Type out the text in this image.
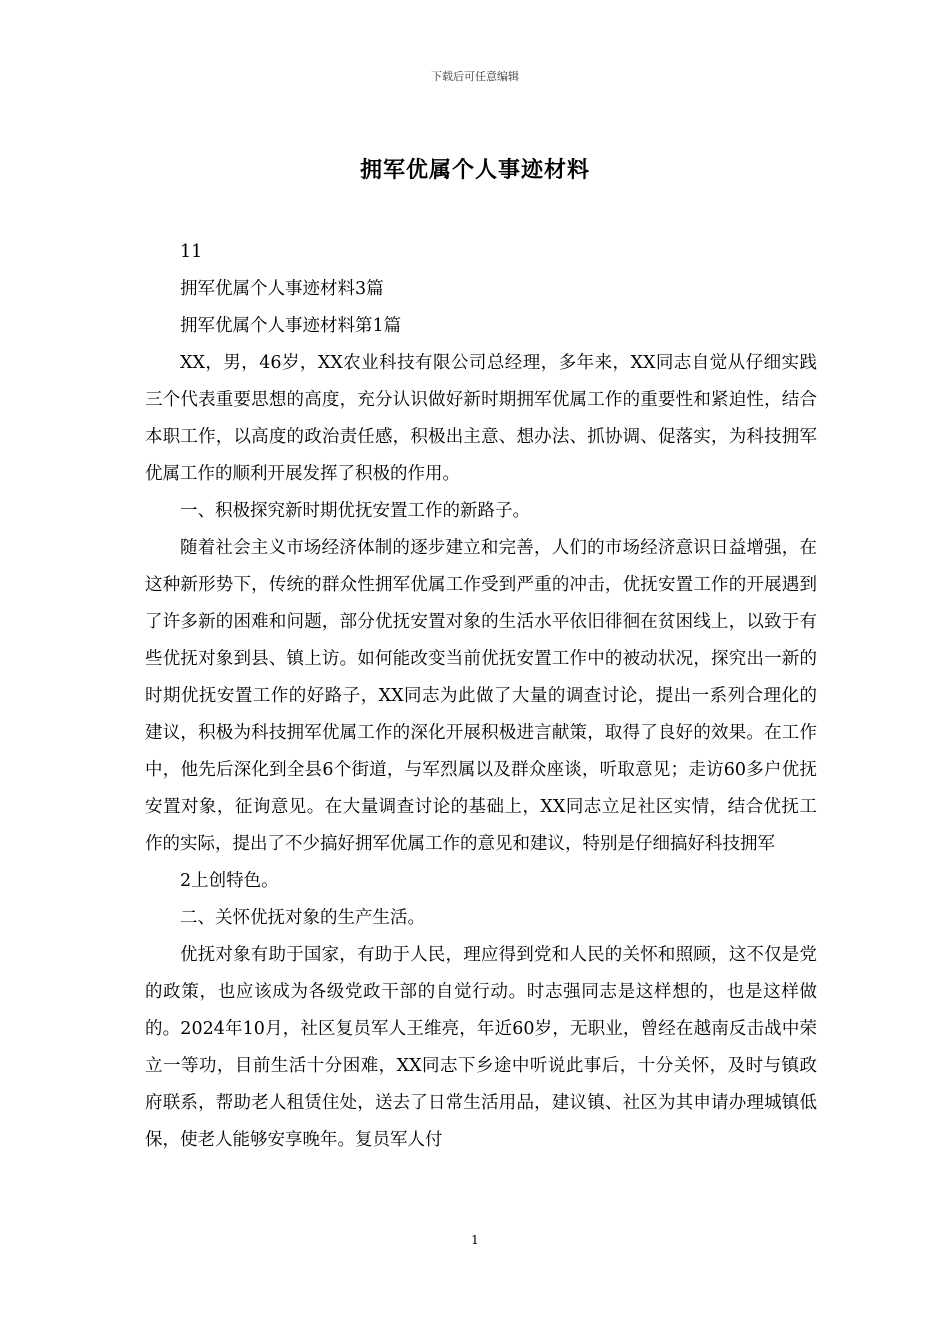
下载后可任意编辑
拥军优属个人事迹材料

11

拥军优属个人事迹材料3篇

拥军优属个人事迹材料第1篇

XX，男，46岁，XX农业科技有限公司总经理，多年来，XX同志自觉从仔细实践三个代表重要思想的高度，充分认识做好新时期拥军优属工作的重要性和紧迫性，结合本职工作，以高度的政治责任感，积极出主意、想办法、抓协调、促落实，为科技拥军优属工作的顺利开展发挥了积极的作用。

一、积极探究新时期优抚安置工作的新路子。

随着社会主义市场经济体制的逐步建立和完善，人们的市场经济意识日益增强，在这种新形势下，传统的群众性拥军优属工作受到严重的冲击，优抚安置工作的开展遇到了许多新的困难和问题，部分优抚安置对象的生活水平依旧徘徊在贫困线上，以致于有些优抚对象到县、镇上访。如何能改变当前优抚安置工作中的被动状况，探究出一新的时期优抚安置工作的好路子，XX同志为此做了大量的调查讨论，提出一系列合理化的建议，积极为科技拥军优属工作的深化开展积极进言献策，取得了良好的效果。在工作中，他先后深化到全县6个街道，与军烈属以及群众座谈，听取意见；走访60多户优抚安置对象，征询意见。在大量调查讨论的基础上，XX同志立足社区实情，结合优抚工作的实际，提出了不少搞好拥军优属工作的意见和建议，特别是仔细搞好科技拥军

2上创特色。

二、关怀优抚对象的生产生活。

优抚对象有助于国家，有助于人民，理应得到党和人民的关怀和照顾，这不仅是党的政策，也应该成为各级党政干部的自觉行动。时志强同志是这样想的，也是这样做的。2024年10月，社区复员军人王维亮，年近60岁，无职业，曾经在越南反击战中荣立一等功，目前生活十分困难，XX同志下乡途中听说此事后，十分关怀，及时与镇政府联系，帮助老人租赁住处，送去了日常生活用品，建议镇、社区为其申请办理城镇低保，使老人能够安享晚年。复员军人付

1
